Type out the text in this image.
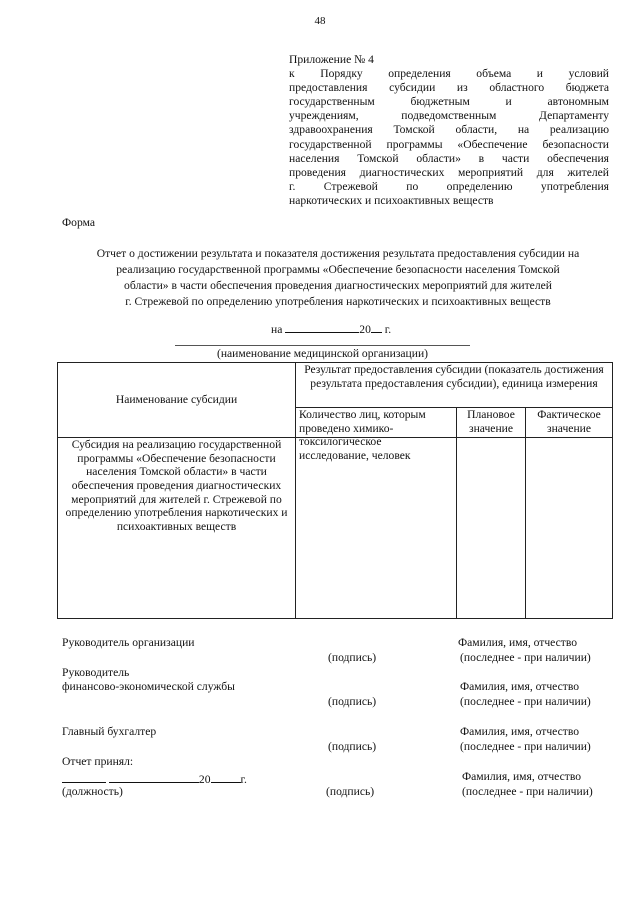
48
Приложение № 4
к Порядку определения объема и условий
предоставления субсидии из областного бюджета
государственным бюджетным и автономным
учреждениям, подведомственным Департаменту
здравоохранения Томской области, на реализацию
государственной программы «Обеспечение безопасности
населения Томской области» в части обеспечения
проведения диагностических мероприятий для жителей
г. Стрежевой по определению употребления
наркотических и психоактивных веществ
Форма
Отчет о достижении результата и показателя достижения результата предоставления субсидии на
реализацию государственной программы «Обеспечение безопасности населения Томской
области» в части обеспечения проведения диагностических мероприятий для жителей
г. Стрежевой по определению употребления наркотических и психоактивных веществ
на	20 г.
(наименование медицинской организации)
Наименование субсидии	Результат предоставления субсидии (показатель достижения результата предоставления субсидии), единица измерения		

	Количество лиц, которым проведено химико-токсилогическое исследование, человек	Плановое значение	Фактическое значение
Субсидия на реализацию государственной программы «Обеспечение безопасности населения Томской области» в части обеспечения проведения диагностических мероприятий для жителей г. Стрежевой по определению употребления наркотических и психоактивных веществ			
Руководитель организации
(подпись)
Фамилия, имя, отчество
(последнее - при наличии)
Руководитель
финансово-экономической службы
(подпись)
Фамилия, имя, отчество
(последнее - при наличии)
Главный бухгалтер
(подпись)
Фамилия, имя, отчество
(последнее - при наличии)
Отчет принял:
20	г.
(должность)	(подпись)
Фамилия, имя, отчество
(последнее - при наличии)
